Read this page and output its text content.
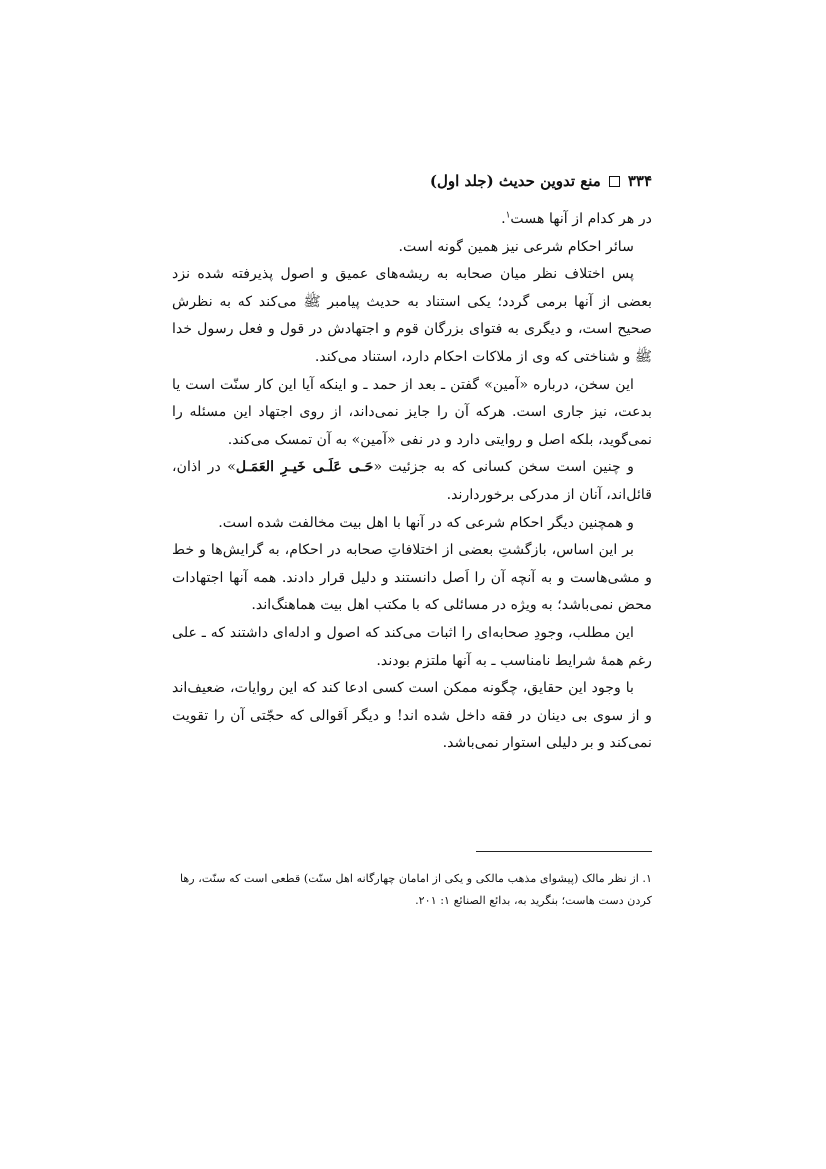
۳۳۴
منع تدوین حدیث (جلد اول)

در هر کدام از آنها هست$^۱$.

سائر احکام شرعی نیز همین گونه است.

پس اختلاف نظر میان صحابه به ریشه‌های عمیق و اصول پذیرفته شده نزد بعضی از آنها برمی گردد؛ یکی استناد به حدیث پیامبر ﷺ می‌کند که به نظرش صحیح است، و دیگری به فتوای بزرگان قوم و اجتهادش در قول و فعل رسول خدا ﷺ و شناختی که وی از ملاکات احکام دارد، استناد می‌کند.

این سخن، درباره «آمین» گفتن ـ بعد از حمد ـ و اینکه آیا این کار سنّت است یا بدعت، نیز جاری است. هرکه آن را جایز نمی‌داند، از روی اجتهاد این مسئله را نمی‌گوید، بلکه اصل و روایتی دارد و در نفی «آمین» به آن تمسک می‌کند.

و چنین است سخن کسانی که به جزئیت «حَـی عَلَـی خَیـرِ العَمَـل» در اذان، قائل‌اند، آنان از مدرکی برخوردارند.

و همچنین دیگر احکام شرعی که در آنها با اهل بیت مخالفت شده است.

بر این اساس، بازگشتِ بعضی از اختلافاتِ صحابه در احکام، به گرایش‌ها و خط و مشی‌هاست و به آنچه آن را اَصل دانستند و دلیل قرار دادند. همه آنها اجتهادات محض نمی‌باشد؛ به ویژه در مسائلی که با مکتب اهل بیت هماهنگ‌اند.

این مطلب، وجودِ صحابه‌ای را اثبات می‌کند که اصول و ادله‌ای داشتند که ـ علی رغم همهٔ شرایط نامناسب ـ به آنها ملتزم بودند.

با وجود این حقایق، چگونه ممکن است کسی ادعا کند که این روایات، ضعیف‌اند و از سوی بی دینان در فقه داخل شده اند! و دیگر اَقوالی که حجّتی آن را تقویت نمی‌کند و بر دلیلی استوار نمی‌باشد.

۱. از نظر مالک (پیشوای مذهب مالکی و یکی از امامان چهارگانه اهل سنّت) قطعی است که سنّت، رها

کردن دست هاست؛ بنگرید به، بدائع الصنائع ۱: ۲۰۱.
